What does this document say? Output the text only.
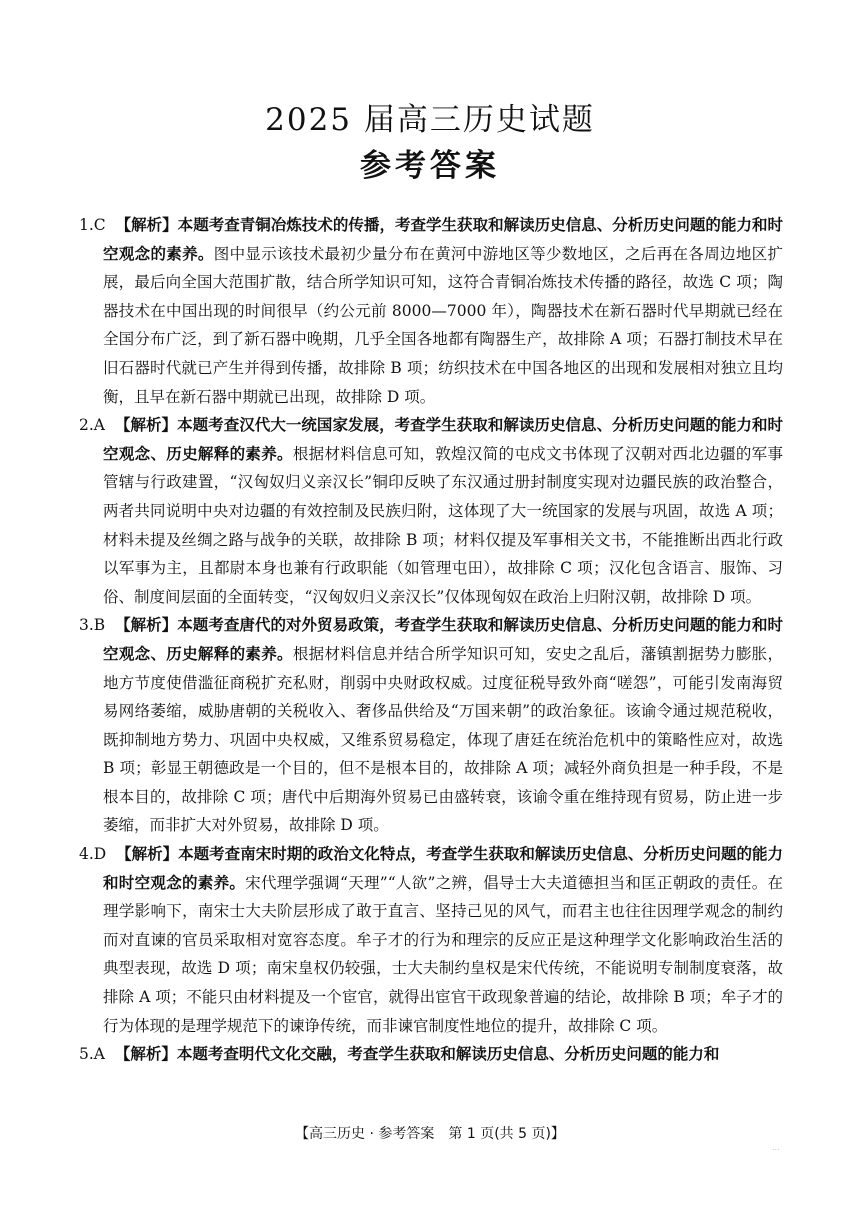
2025 届高三历史试题
参考答案

1.C 【解析】本题考查青铜冶炼技术的传播，考查学生获取和解读历史信息、分析历史问题的能力和时空观念的素养。图中显示该技术最初少量分布在黄河中游地区等少数地区，之后再在各周边地区扩展，最后向全国大范围扩散，结合所学知识可知，这符合青铜冶炼技术传播的路径，故选 C 项；陶器技术在中国出现的时间很早（约公元前 8000—7000 年），陶器技术在新石器时代早期就已经在全国分布广泛，到了新石器中晚期，几乎全国各地都有陶器生产，故排除 A 项；石器打制技术早在旧石器时代就已产生并得到传播，故排除 B 项；纺织技术在中国各地区的出现和发展相对独立且均衡，且早在新石器中期就已出现，故排除 D 项。

2.A 【解析】本题考查汉代大一统国家发展，考查学生获取和解读历史信息、分析历史问题的能力和时空观念、历史解释的素养。根据材料信息可知，敦煌汉简的屯戍文书体现了汉朝对西北边疆的军事管辖与行政建置，“汉匈奴归义亲汉长”铜印反映了东汉通过册封制度实现对边疆民族的政治整合，两者共同说明中央对边疆的有效控制及民族归附，这体现了大一统国家的发展与巩固，故选 A 项；材料未提及丝绸之路与战争的关联，故排除 B 项；材料仅提及军事相关文书，不能推断出西北行政以军事为主，且都尉本身也兼有行政职能（如管理屯田），故排除 C 项；汉化包含语言、服饰、习俗、制度间层面的全面转变，“汉匈奴归义亲汉长”仅体现匈奴在政治上归附汉朝，故排除 D 项。

3.B 【解析】本题考查唐代的对外贸易政策，考查学生获取和解读历史信息、分析历史问题的能力和时空观念、历史解释的素养。根据材料信息并结合所学知识可知，安史之乱后，藩镇割据势力膨胀，地方节度使借滥征商税扩充私财，削弱中央财政权威。过度征税导致外商“嗟怨”，可能引发南海贸易网络萎缩，威胁唐朝的关税收入、奢侈品供给及“万国来朝”的政治象征。该谕令通过规范税收，既抑制地方势力、巩固中央权威，又维系贸易稳定，体现了唐廷在统治危机中的策略性应对，故选 B 项；彰显王朝德政是一个目的，但不是根本目的，故排除 A 项；减轻外商负担是一种手段，不是根本目的，故排除 C 项；唐代中后期海外贸易已由盛转衰，该谕令重在维持现有贸易，防止进一步萎缩，而非扩大对外贸易，故排除 D 项。

4.D 【解析】本题考查南宋时期的政治文化特点，考查学生获取和解读历史信息、分析历史问题的能力和时空观念的素养。宋代理学强调“天理”“人欲”之辨，倡导士大夫道德担当和匡正朝政的责任。在理学影响下，南宋士大夫阶层形成了敢于直言、坚持己见的风气，而君主也往往因理学观念的制约而对直谏的官员采取相对宽容态度。牟子才的行为和理宗的反应正是这种理学文化影响政治生活的典型表现，故选 D 项；南宋皇权仍较强，士大夫制约皇权是宋代传统，不能说明专制制度衰落，故排除 A 项；不能只由材料提及一个宦官，就得出宦官干政现象普遍的结论，故排除 B 项；牟子才的行为体现的是理学规范下的谏诤传统，而非谏官制度性地位的提升，故排除 C 项。

5.A 【解析】本题考查明代文化交融，考查学生获取和解读历史信息、分析历史问题的能力和

【高三历史 · 参考答案　第 1 页(共 5 页)】
...
